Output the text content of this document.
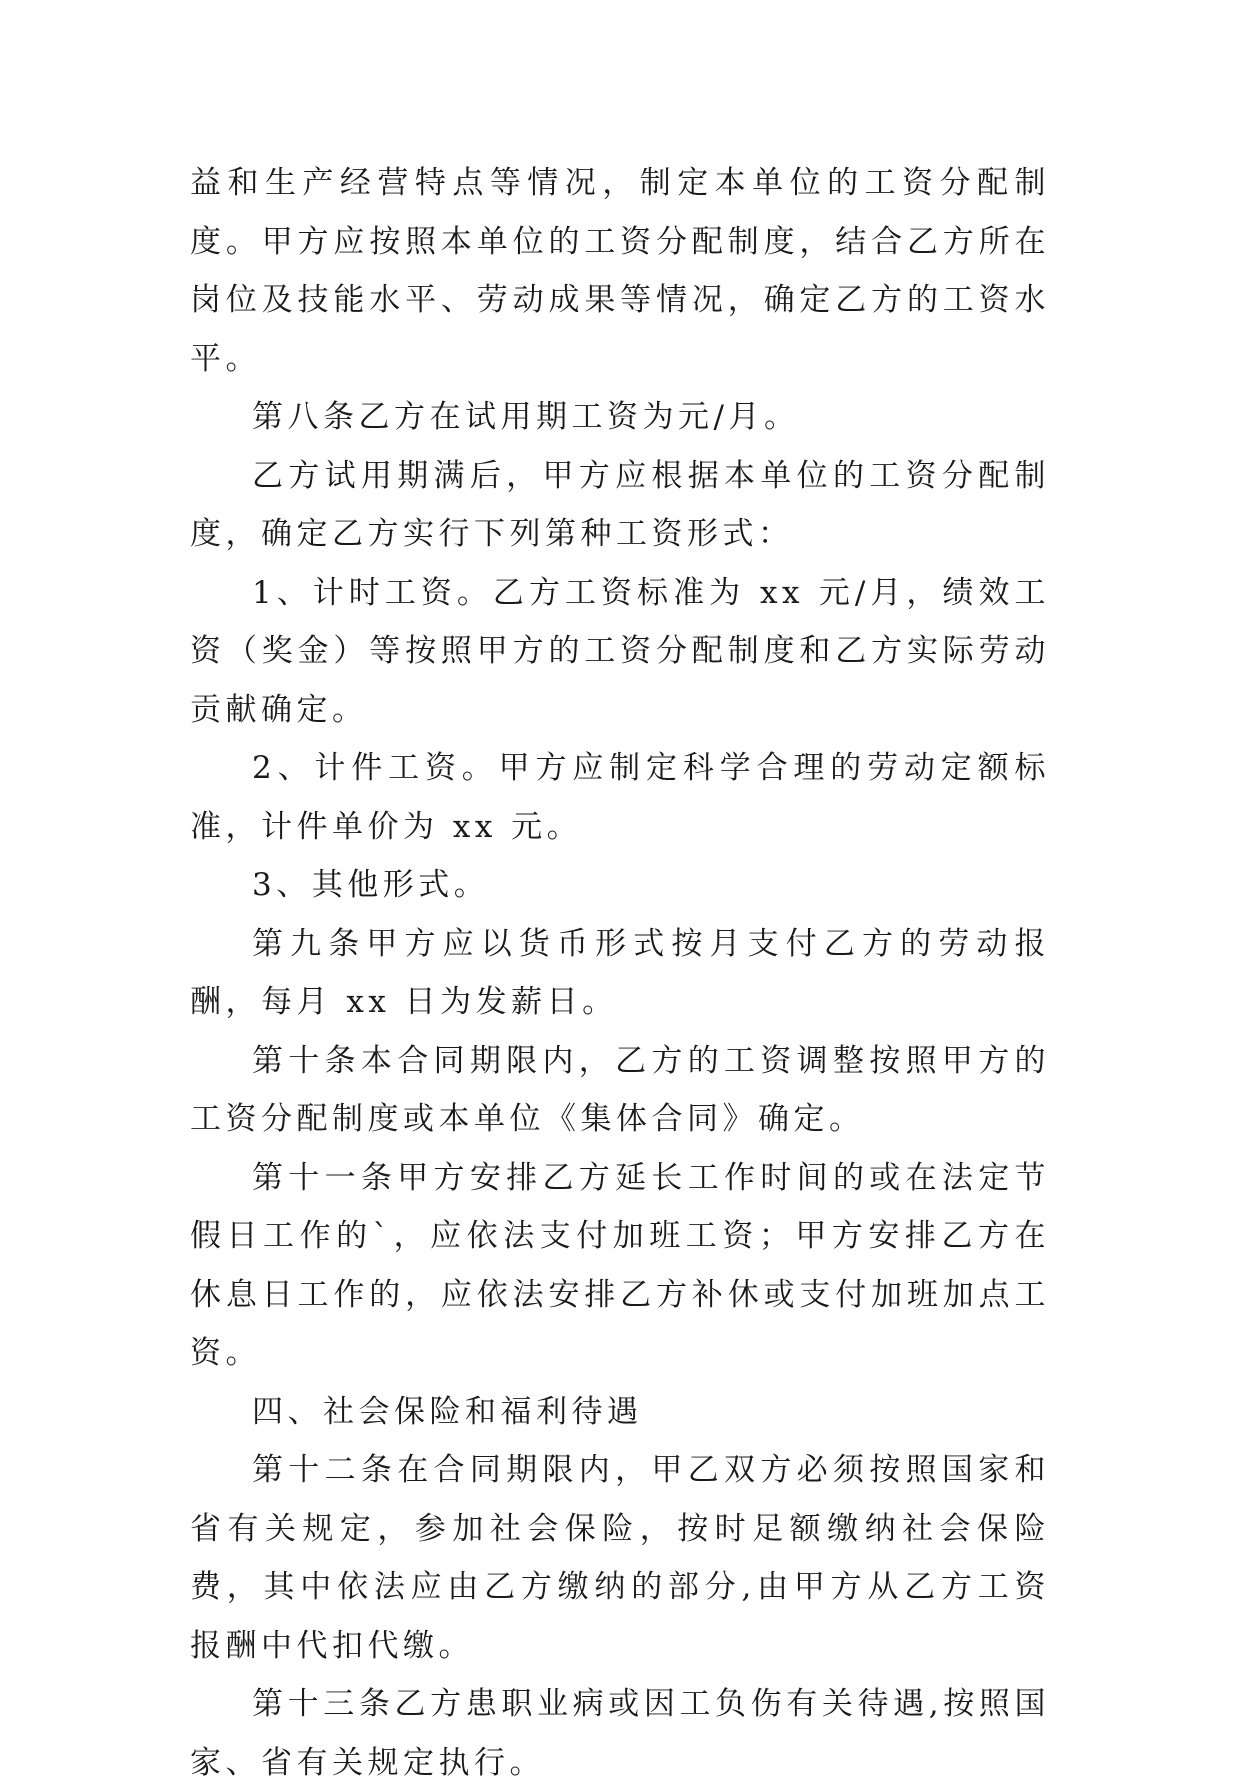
益和生产经营特点等情况，制定本单位的工资分配制度。甲方应按照本单位的工资分配制度，结合乙方所在岗位及技能水平、劳动成果等情况，确定乙方的工资水平。

第八条乙方在试用期工资为元/月。

乙方试用期满后，甲方应根据本单位的工资分配制度，确定乙方实行下列第种工资形式：

1、计时工资。乙方工资标准为 xx 元/月，绩效工资（奖金）等按照甲方的工资分配制度和乙方实际劳动贡献确定。

2、计件工资。甲方应制定科学合理的劳动定额标准，计件单价为 xx 元。

3、其他形式。

第九条甲方应以货币形式按月支付乙方的劳动报酬，每月 xx 日为发薪日。

第十条本合同期限内，乙方的工资调整按照甲方的工资分配制度或本单位《集体合同》确定。

第十一条甲方安排乙方延长工作时间的或在法定节假日工作的`，应依法支付加班工资；甲方安排乙方在休息日工作的，应依法安排乙方补休或支付加班加点工资。

四、社会保险和福利待遇

第十二条在合同期限内，甲乙双方必须按照国家和省有关规定，参加社会保险，按时足额缴纳社会保险费，其中依法应由乙方缴纳的部分,由甲方从乙方工资报酬中代扣代缴。

第十三条乙方患职业病或因工负伤有关待遇,按照国家、省有关规定执行。
